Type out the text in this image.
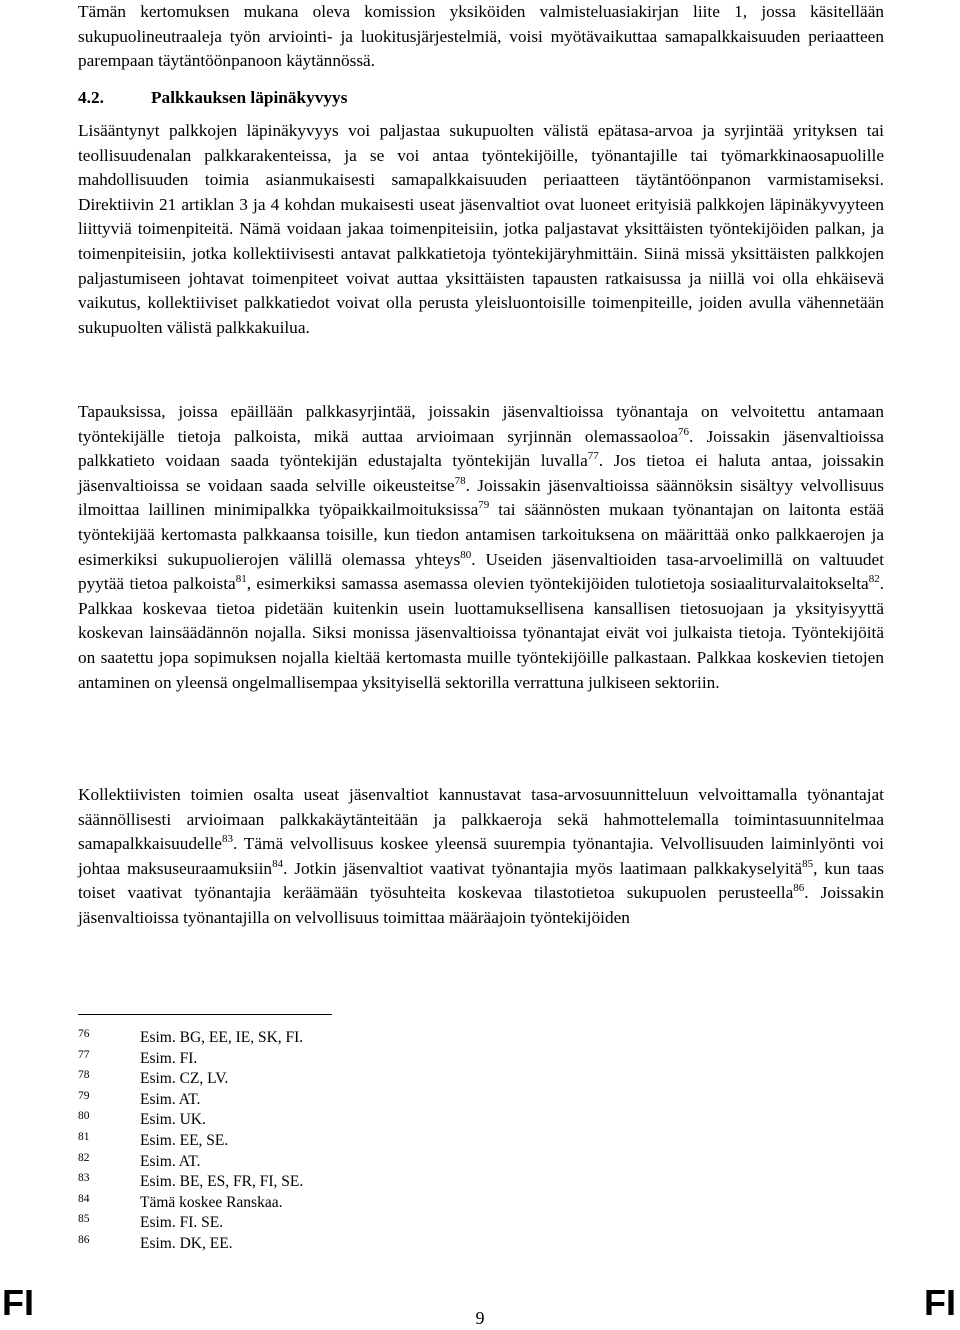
Tämän kertomuksen mukana oleva komission yksiköiden valmisteluasiakirjan liite 1, jossa käsitellään sukupuolineutraaleja työn arviointi- ja luokitusjärjestelmiä, voisi myötävaikuttaa samapalkkaisuuden periaatteen parempaan täytäntöönpanoon käytännössä.

4.2.	Palkkauksen läpinäkyvyys

Lisääntynyt palkkojen läpinäkyvyys voi paljastaa sukupuolten välistä epätasa-arvoa ja syrjintää yrityksen tai teollisuudenalan palkkarakenteissa, ja se voi antaa työntekijöille, työnantajille tai työmarkkinaosapuolille mahdollisuuden toimia asianmukaisesti samapalkkaisuuden periaatteen täytäntöönpanon varmistamiseksi. Direktiivin 21 artiklan 3 ja 4 kohdan mukaisesti useat jäsenvaltiot ovat luoneet erityisiä palkkojen läpinäkyvyyteen liittyviä toimenpiteitä. Nämä voidaan jakaa toimenpiteisiin, jotka paljastavat yksittäisten työntekijöiden palkan, ja toimenpiteisiin, jotka kollektiivisesti antavat palkkatietoja työntekijäryhmittäin. Siinä missä yksittäisten palkkojen paljastumiseen johtavat toimenpiteet voivat auttaa yksittäisten tapausten ratkaisussa ja niillä voi olla ehkäisevä vaikutus, kollektiiviset palkkatiedot voivat olla perusta yleisluontoisille toimenpiteille, joiden avulla vähennetään sukupuolten välistä palkkakuilua.

Tapauksissa, joissa epäillään palkkasyrjintää, joissakin jäsenvaltioissa työnantaja on velvoitettu antamaan työntekijälle tietoja palkoista, mikä auttaa arvioimaan syrjinnän olemassaoloa$^{76}$. Joissakin jäsenvaltioissa palkkatieto voidaan saada työntekijän edustajalta työntekijän luvalla$^{77}$. Jos tietoa ei haluta antaa, joissakin jäsenvaltioissa se voidaan saada selville oikeusteitse$^{78}$. Joissakin jäsenvaltioissa säännöksin sisältyy velvollisuus ilmoittaa laillinen minimipalkka työpaikkailmoituksissa$^{79}$ tai säännösten mukaan työnantajan on laitonta estää työntekijää kertomasta palkkaansa toisille, kun tiedon antamisen tarkoituksena on määrittää onko palkkaerojen ja esimerkiksi sukupuolierojen välillä olemassa yhteys$^{80}$. Useiden jäsenvaltioiden tasa-arvoelimillä on valtuudet pyytää tietoa palkoista$^{81}$, esimerkiksi samassa asemassa olevien työntekijöiden tulotietoja sosiaaliturvalaitokselta$^{82}$. Palkkaa koskevaa tietoa pidetään kuitenkin usein luottamuksellisena kansallisen tietosuojaan ja yksityisyyttä koskevan lainsäädännön nojalla. Siksi monissa jäsenvaltioissa työnantajat eivät voi julkaista tietoja. Työntekijöitä on saatettu jopa sopimuksen nojalla kieltää kertomasta muille työntekijöille palkastaan. Palkkaa koskevien tietojen antaminen on yleensä ongelmallisempaa yksityisellä sektorilla verrattuna julkiseen sektoriin.

Kollektiivisten toimien osalta useat jäsenvaltiot kannustavat tasa-arvosuunnitteluun velvoittamalla työnantajat säännöllisesti arvioimaan palkkakäytänteitään ja palkkaeroja sekä hahmottelemalla toimintasuunnitelmaa samapalkkaisuudelle$^{83}$. Tämä velvollisuus koskee yleensä suurempia työnantajia. Velvollisuuden laiminlyönti voi johtaa maksuseuraamuksiin$^{84}$. Jotkin jäsenvaltiot vaativat työnantajia myös laatimaan palkkakyselyitä$^{85}$, kun taas toiset vaativat työnantajia keräämään työsuhteita koskevaa tilastotietoa sukupuolen perusteella$^{86}$. Joissakin jäsenvaltioissa työnantajilla on velvollisuus toimittaa määräajoin työntekijöiden

76	Esim. BG, EE, IE, SK, FI.
77	Esim. FI.
78	Esim. CZ, LV.
79	Esim. AT.
80	Esim. UK.
81	Esim. EE, SE.
82	Esim. AT.
83	Esim. BE, ES, FR, FI, SE.
84	Tämä koskee Ranskaa.
85	Esim. FI. SE.
86	Esim. DK, EE.
FI	9	FI
